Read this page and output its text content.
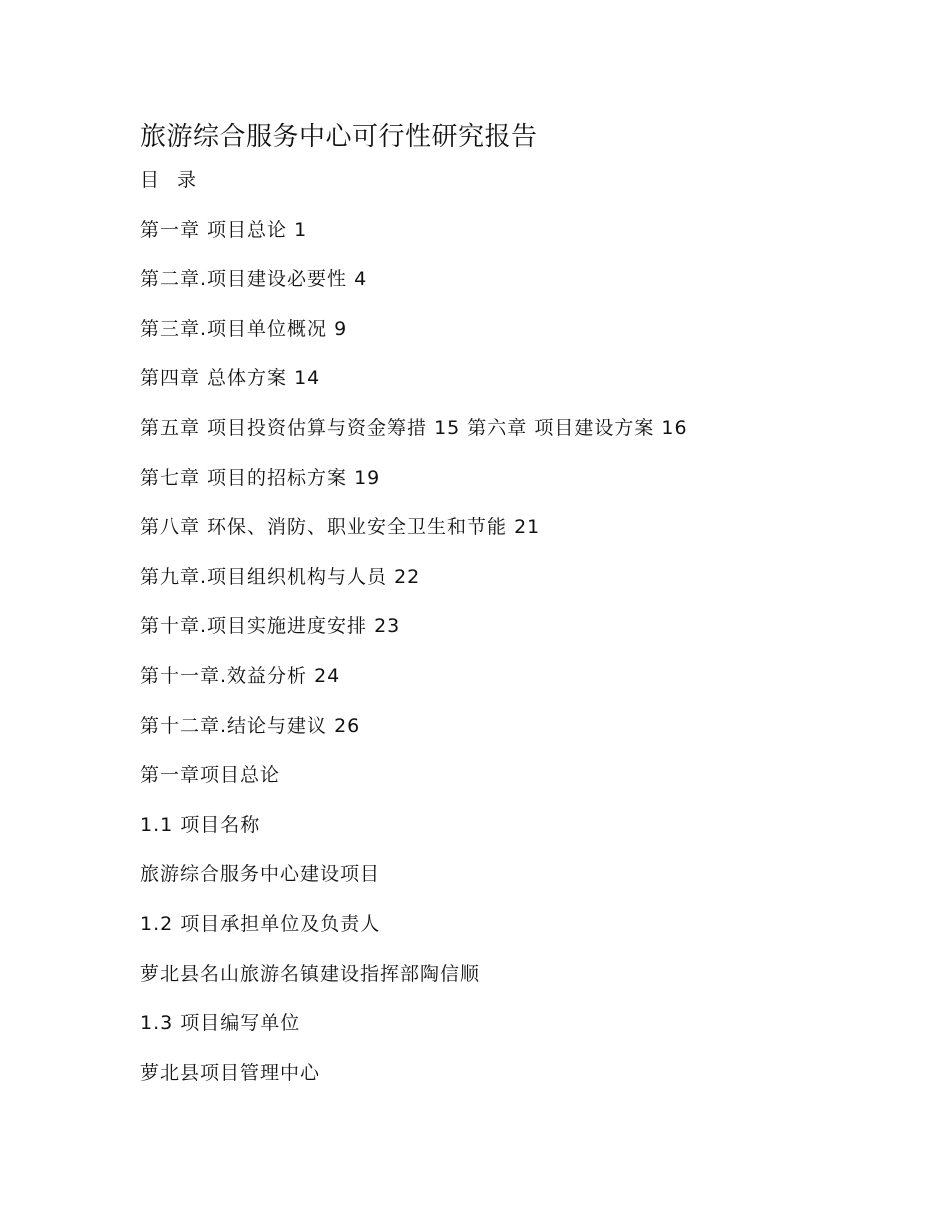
旅游综合服务中心可行性研究报告
目 录
第一章 项目总论 1
第二章.项目建设必要性 4
第三章.项目单位概况 9
第四章 总体方案 14
第五章 项目投资估算与资金筹措 15 第六章 项目建设方案 16
第七章 项目的招标方案 19
第八章 环保、消防、职业安全卫生和节能 21
第九章.项目组织机构与人员 22
第十章.项目实施进度安排 23
第十一章.效益分析 24
第十二章.结论与建议 26
第一章项目总论
1.1 项目名称
旅游综合服务中心建设项目
1.2 项目承担单位及负责人
萝北县名山旅游名镇建设指挥部陶信顺
1.3 项目编写单位
萝北县项目管理中心
